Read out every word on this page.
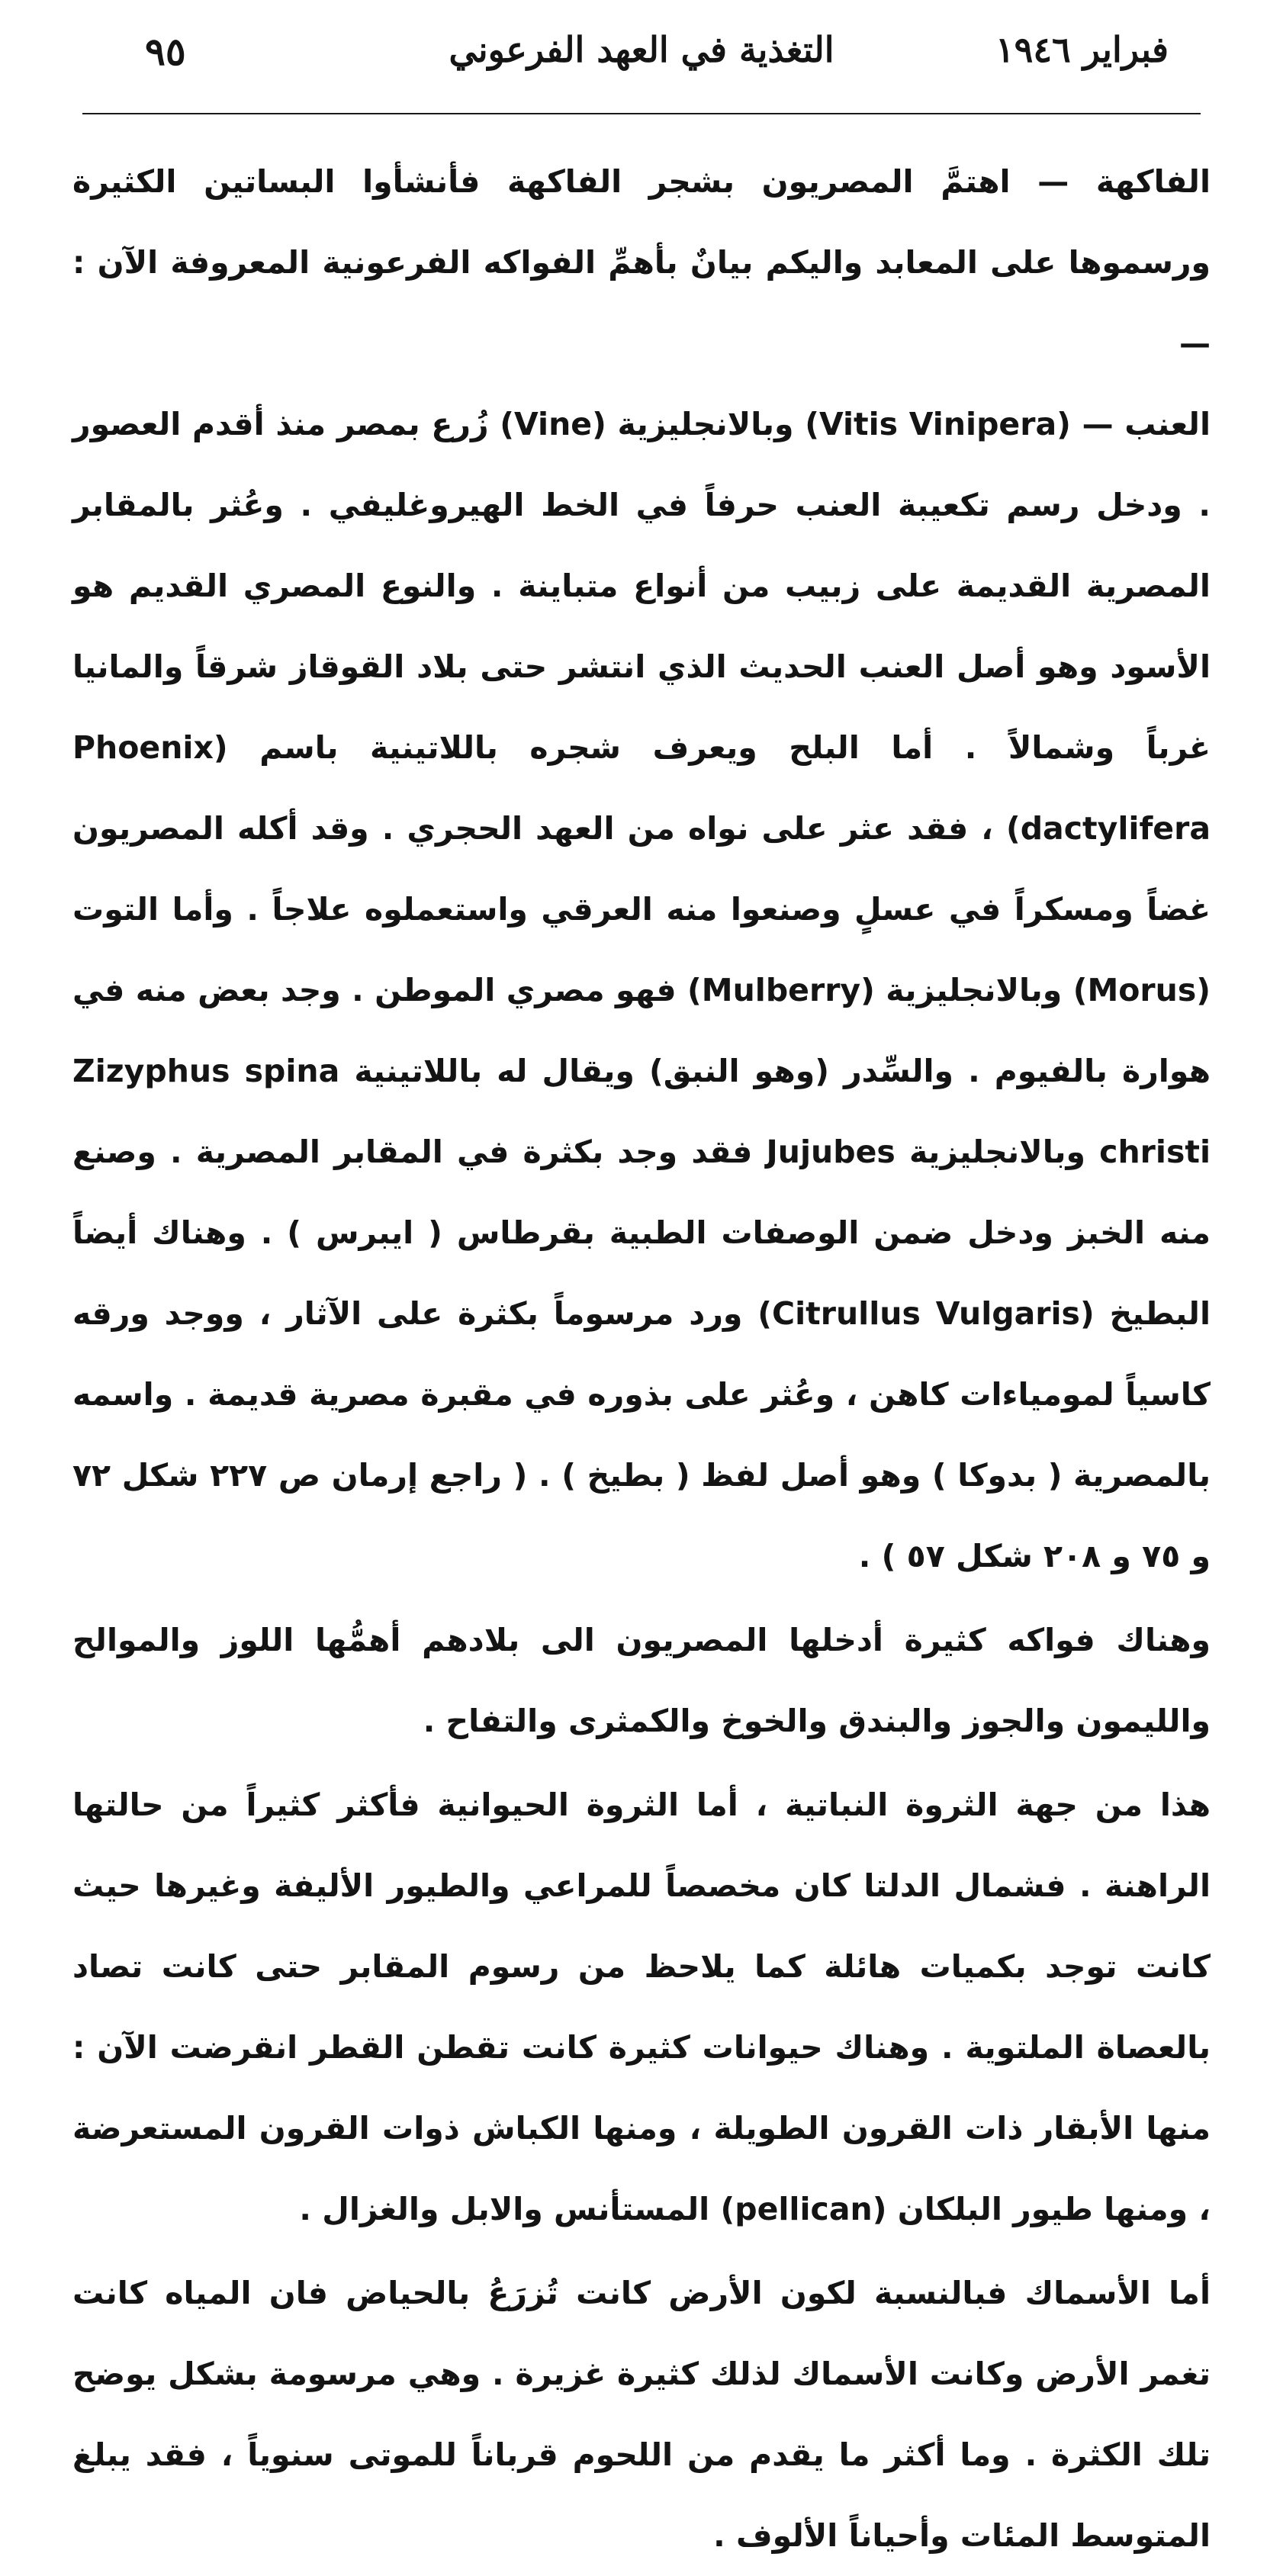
فبراير ١٩٤٦
التغذية في العهد الفرعوني
٩٥

الفاكهة — اهتمَّ المصريون بشجر الفاكهة فأنشأوا البساتين الكثيرة ورسموها على المعابد واليكم بيانٌ بأهمِّ الفواكه الفرعونية المعروفة الآن : —

العنب — (Vitis Vinipera) وبالانجليزية (Vine) زُرع بمصر منذ أقدم العصور . ودخل رسم تكعيبة العنب حرفاً في الخط الهيروغليفي . وعُثر بالمقابر المصرية القديمة على زبيب من أنواع متباينة . والنوع المصري القديم هو الأسود وهو أصل العنب الحديث الذي انتشر حتى بلاد القوقاز شرقاً والمانيا غرباً وشمالاً . أما البلح ويعرف شجره باللاتينية باسم (Phoenix dactylifera) ، فقد عثر على نواه من العهد الحجري . وقد أكله المصريون غضاً ومسكراً في عسلٍ وصنعوا منه العرقي واستعملوه علاجاً . وأما التوت (Morus) وبالانجليزية (Mulberry) فهو مصري الموطن . وجد بعض منه في هوارة بالفيوم . والسِّدر (وهو النبق) ويقال له باللاتينية Zizyphus spina christi وبالانجليزية Jujubes فقد وجد بكثرة في المقابر المصرية . وصنع منه الخبز ودخل ضمن الوصفات الطبية بقرطاس ( ايبرس ) . وهناك أيضاً البطيخ (Citrullus Vulgaris) ورد مرسوماً بكثرة على الآثار ، ووجد ورقه كاسياً لمومياءات كاهن ، وعُثر على بذوره في مقبرة مصرية قديمة . واسمه بالمصرية ( بدوكا ) وهو أصل لفظ ( بطيخ ) . ( راجع إرمان ص ٢٢٧ شكل ٧٢ و ٧٥ و ٢٠٨ شكل ٥٧ ) .

وهناك فواكه كثيرة أدخلها المصريون الى بلادهم أهمُّها اللوز والموالح والليمون والجوز والبندق والخوخ والكمثرى والتفاح .

هذا من جهة الثروة النباتية ، أما الثروة الحيوانية فأكثر كثيراً من حالتها الراهنة . فشمال الدلتا كان مخصصاً للمراعي والطيور الأليفة وغيرها حيث كانت توجد بكميات هائلة كما يلاحظ من رسوم المقابر حتى كانت تصاد بالعصاة الملتوية . وهناك حيوانات كثيرة كانت تقطن القطر انقرضت الآن : منها الأبقار ذات القرون الطويلة ، ومنها الكباش ذوات القرون المستعرضة ، ومنها طيور البلكان (pellican) المستأنس والابل والغزال .

أما الأسماك فبالنسبة لكون الأرض كانت تُزرَعُ بالحياض فان المياه كانت تغمر الأرض وكانت الأسماك لذلك كثيرة غزيرة . وهي مرسومة بشكل يوضح تلك الكثرة . وما أكثر ما يقدم من اللحوم قرباناً للموتى سنوياً ، فقد يبلغ المتوسط المئات وأحياناً الألوف .
